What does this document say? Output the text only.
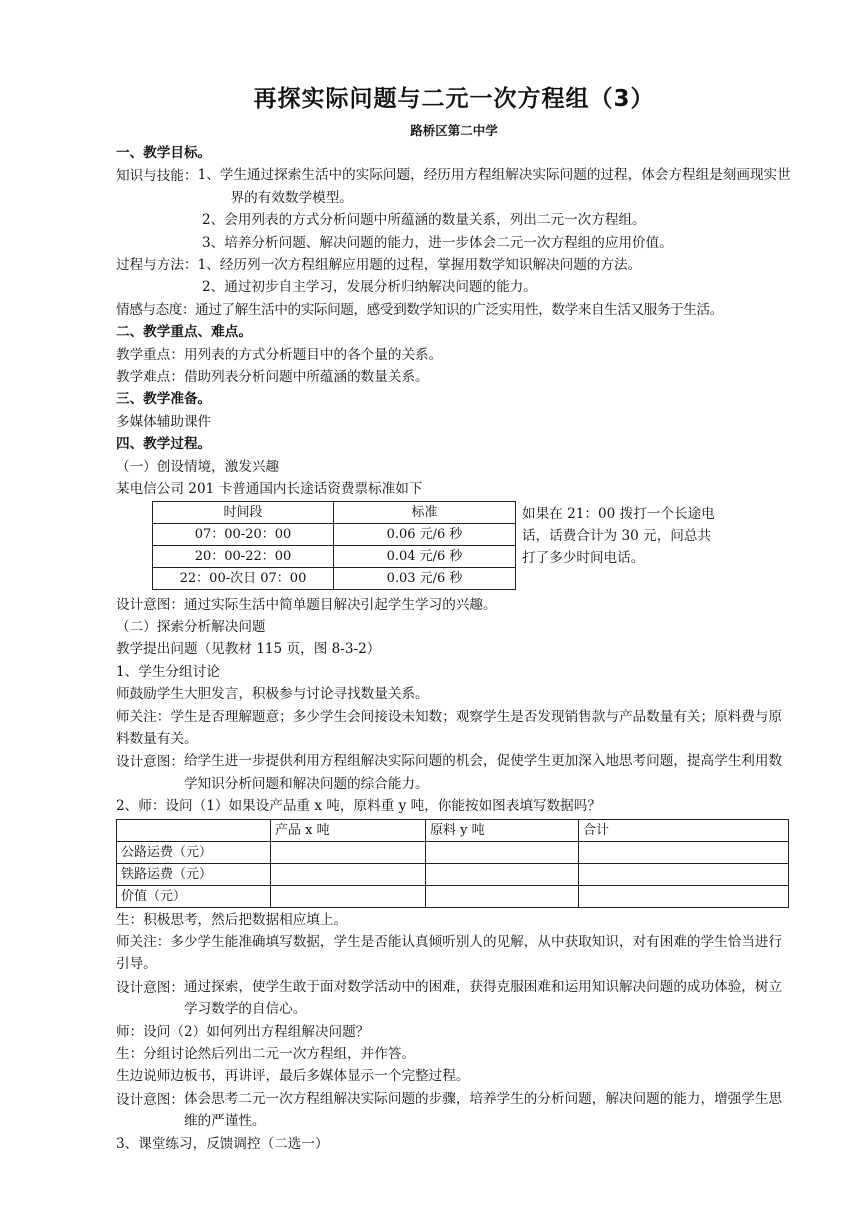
再探实际问题与二元一次方程组（3）
路桥区第二中学
一、教学目标。
知识与技能： 1、学生通过探索生活中的实际问题，经历用方程组解决实际问题的过程，体会方程组是刻画现实世界的有效数学模型。
2、会用列表的方式分析问题中所蕴涵的数量关系，列出二元一次方程组。
3、培养分析问题、解决问题的能力，进一步体会二元一次方程组的应用价值。
过程与方法：1、经历列一次方程组解应用题的过程，掌握用数学知识解决问题的方法。
2、通过初步自主学习，发展分析归纳解决问题的能力。
情感与态度：通过了解生活中的实际问题，感受到数学知识的广泛实用性，数学来自生活又服务于生活。
二、教学重点、难点。
教学重点：用列表的方式分析题目中的各个量的关系。
教学难点：借助列表分析问题中所蕴涵的数量关系。
三、教学准备。
多媒体辅助课件
四、教学过程。
（一）创设情境，激发兴趣
某电信公司 201 卡普通国内长途话资费票标准如下
时间段	标准
07：00-20：00	0.06 元/6 秒
20：00-22：00	0.04 元/6 秒
22：00-次日 07：00	0.03 元/6 秒
如果在 21：00 拨打一个长途电话，话费合计为 30 元，问总共打了多少时间电话。
设计意图：通过实际生活中简单题目解决引起学生学习的兴趣。
（二）探索分析解决问题
教学提出问题（见教材 115 页，图 8-3-2）
1、学生分组讨论
师鼓励学生大胆发言，积极参与讨论寻找数量关系。
师关注：学生是否理解题意；多少学生会间接设未知数；观察学生是否发现销售款与产品数量有关；原料费与原料数量有关。
设计意图： 给学生进一步提供利用方程组解决实际问题的机会，促使学生更加深入地思考问题，提高学生利用数学知识分析问题和解决问题的综合能力。
2、师：设问（1）如果设产品重 x 吨，原料重 y 吨，你能按如图表填写数据吗？
	产品 x 吨	原料 y 吨	合计
公路运费（元）			
铁路运费（元）			
价值（元）			
生：积极思考，然后把数据相应填上。
师关注：多少学生能准确填写数据，学生是否能认真倾听别人的见解，从中获取知识，对有困难的学生恰当进行引导。
设计意图： 通过探索，使学生敢于面对数学活动中的困难，获得克服困难和运用知识解决问题的成功体验，树立学习数学的自信心。
师：设问（2）如何列出方程组解决问题？
生：分组讨论然后列出二元一次方程组，并作答。
生边说师边板书，再讲评，最后多媒体显示一个完整过程。
设计意图： 体会思考二元一次方程组解决实际问题的步骤，培养学生的分析问题，解决问题的能力，增强学生思维的严谨性。
3、课堂练习，反馈调控（二选一）
